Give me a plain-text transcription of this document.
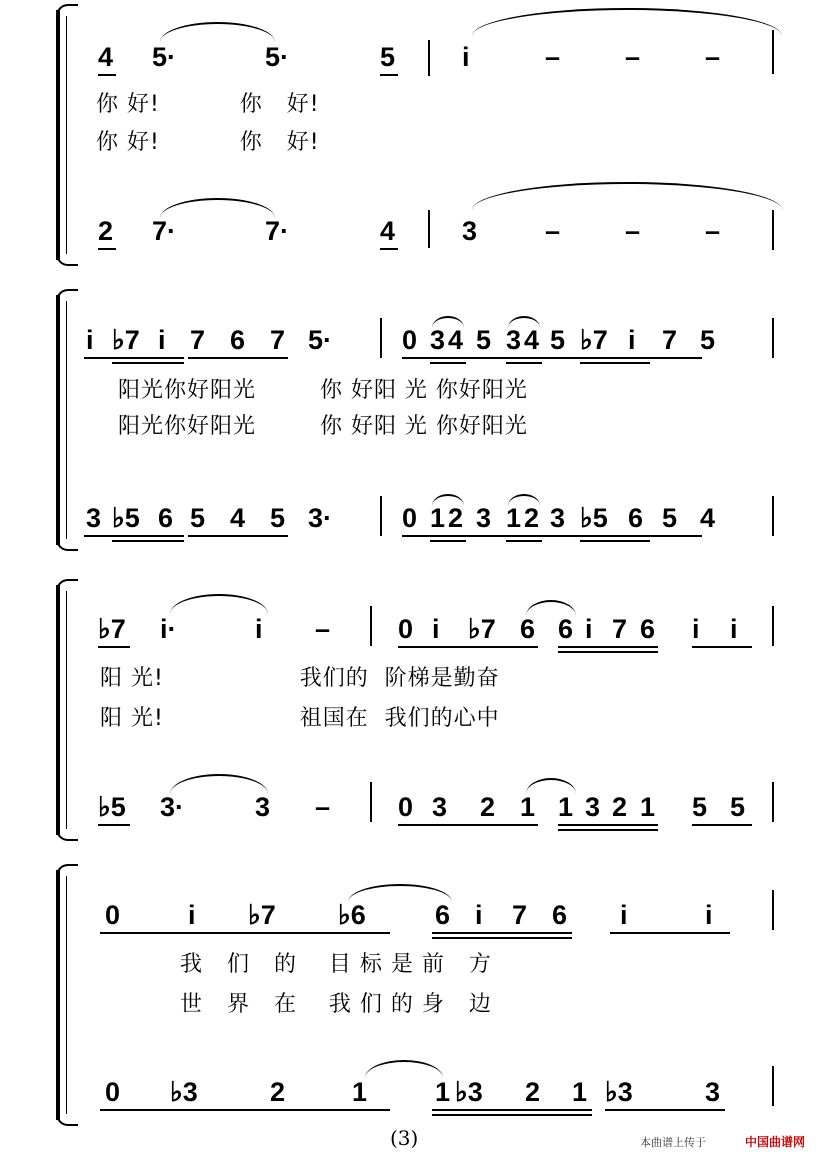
4 5·	5·	5 i	– – –
你 好!          你   好!
你 好!          你   好!
2 7·	7·	4 3	– – –
i ♭7 i 7 6 7 5·	0 3 4 5 3 4 5 ♭7 i 7 5
阳光你好阳光        你 好阳 光 你好阳光
阳光你好阳光        你 好阳 光 你好阳光
3 ♭5 6 5 4 5 3·	0 1 2 3 1 2 3 ♭5 6 5 4
♭7 i·	i –	0 i ♭7 6 6 i 7 6 i i
阳 光!                 我们的  阶梯是勤奋
阳 光!                 祖国在  我们的心中
♭5 3·	3 –	0 3 2 1 1 3 2 1 5 5
0	i ♭7 ♭6	6 i 7 6 i	i
我   们   的    目 标 是 前   方
世   界   在    我 们 的 身   边
0 ♭3	2 1	1 ♭3 2 1 ♭3	3
(3)	本曲谱上传于	中国曲谱网
